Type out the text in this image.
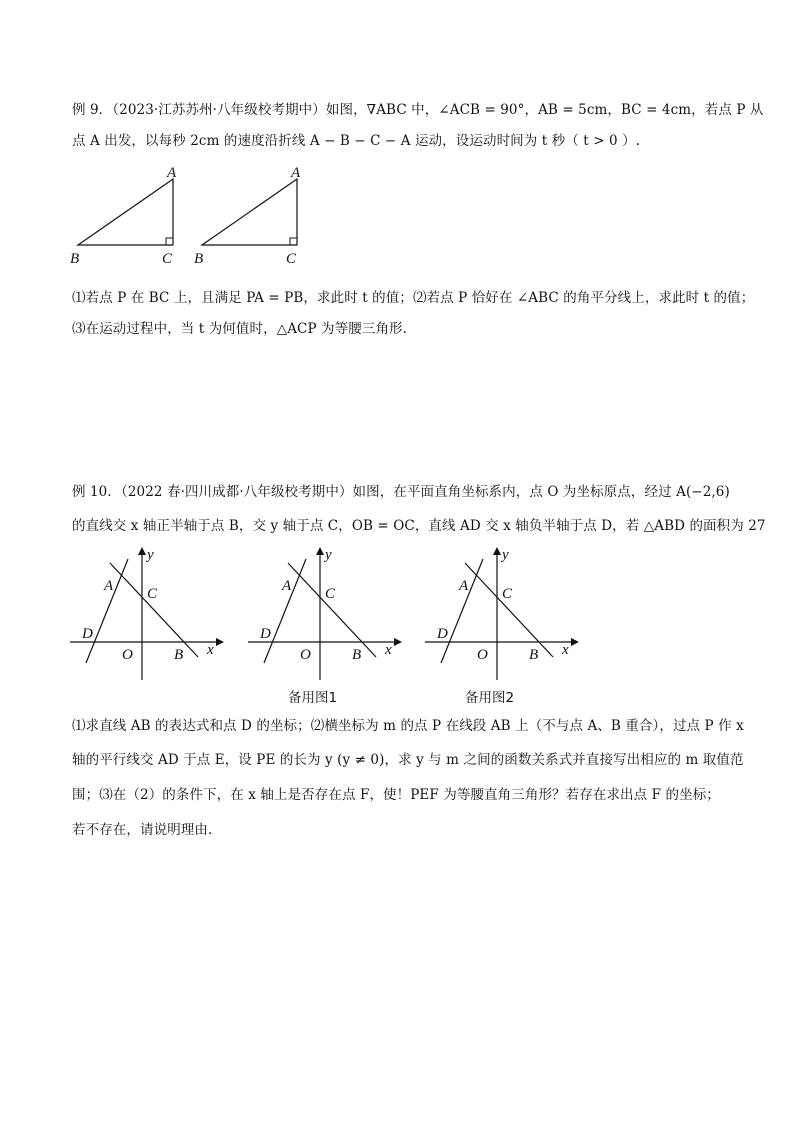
例 9．（2023·江苏苏州·八年级校考期中）如图，∇ABC 中，∠ACB = 90°，AB = 5cm，BC = 4cm，若点 P 从
点 A 出发，以每秒 2cm 的速度沿折线 A − B − C − A 运动，设运动时间为 t 秒（ t > 0 ）.
A
B	C
A
B	C
⑴若点 P 在 BC 上，且满足 PA = PB，求此时 t 的值；⑵若点 P 恰好在 ∠ABC 的角平分线上，求此时 t 的值；
⑶在运动过程中，当 t 为何值时，△ACP 为等腰三角形.
例 10．（2022 春·四川成都·八年级校考期中）如图，在平面直角坐标系内，点 O 为坐标原点，经过 A(−2,6)
的直线交 x 轴正半轴于点 B，交 y 轴于点 C，OB = OC，直线 AD 交 x 轴负半轴于点 D，若 △ABD 的面积为 27
y
A C
D
O	B x
y
A C
D
O	B x
备用图1
y
A C
D
O	B x
备用图2
⑴求直线 AB 的表达式和点 D 的坐标；⑵横坐标为 m 的点 P 在线段 AB 上（不与点 A、B 重合），过点 P 作 x
轴的平行线交 AD 于点 E，设 PE 的长为 y (y ≠ 0)，求 y 与 m 之间的函数关系式并直接写出相应的 m 取值范
围；⑶在（2）的条件下，在 x 轴上是否存在点 F，使！PEF 为等腰直角三角形？若存在求出点 F 的坐标；
若不存在，请说明理由.
